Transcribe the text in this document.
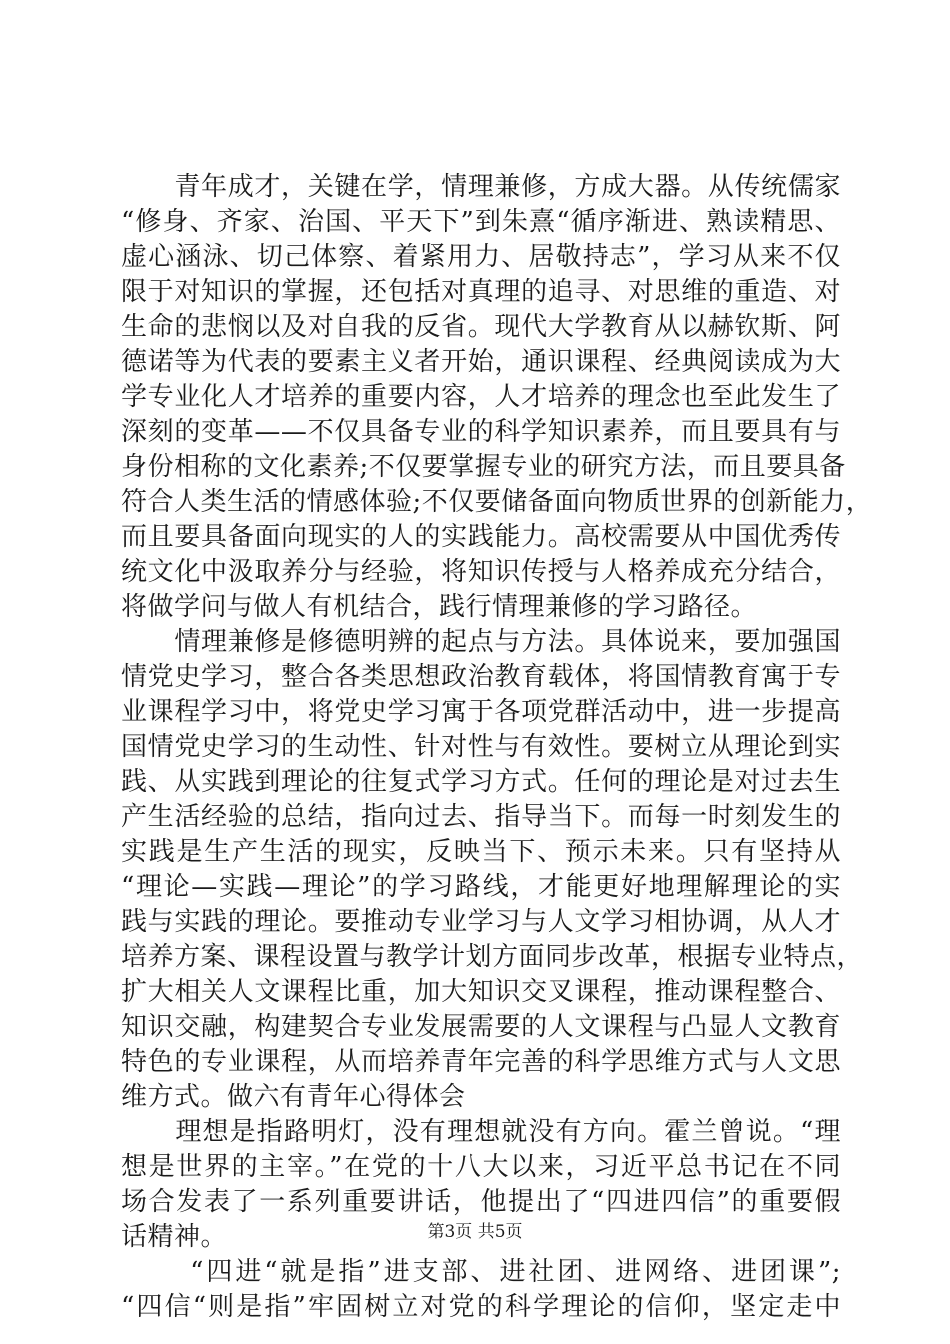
　　青年成才，关键在学，情理兼修，方成大器。从传统儒家
“修身、齐家、治国、平天下”到朱熹“循序渐进、熟读精思、
虚心涵泳、切己体察、着紧用力、居敬持志”，学习从来不仅
限于对知识的掌握，还包括对真理的追寻、对思维的重造、对
生命的悲悯以及对自我的反省。现代大学教育从以赫钦斯、阿
德诺等为代表的要素主义者开始，通识课程、经典阅读成为大
学专业化人才培养的重要内容，人才培养的理念也至此发生了
深刻的变革——不仅具备专业的科学知识素养，而且要具有与
身份相称的文化素养;不仅要掌握专业的研究方法，而且要具备
符合人类生活的情感体验;不仅要储备面向物质世界的创新能力，
而且要具备面向现实的人的实践能力。高校需要从中国优秀传
统文化中汲取养分与经验，将知识传授与人格养成充分结合，
将做学问与做人有机结合，践行情理兼修的学习路径。
　　情理兼修是修德明辨的起点与方法。具体说来，要加强国
情党史学习，整合各类思想政治教育载体，将国情教育寓于专
业课程学习中，将党史学习寓于各项党群活动中，进一步提高
国情党史学习的生动性、针对性与有效性。要树立从理论到实
践、从实践到理论的往复式学习方式。任何的理论是对过去生
产生活经验的总结，指向过去、指导当下。而每一时刻发生的
实践是生产生活的现实，反映当下、预示未来。只有坚持从
“理论—实践—理论”的学习路线，才能更好地理解理论的实
践与实践的理论。要推动专业学习与人文学习相协调，从人才
培养方案、课程设置与教学计划方面同步改革，根据专业特点，
扩大相关人文课程比重，加大知识交叉课程，推动课程整合、
知识交融，构建契合专业发展需要的人文课程与凸显人文教育
特色的专业课程，从而培养青年完善的科学思维方式与人文思
维方式。做六有青年心得体会
　　理想是指路明灯，没有理想就没有方向。霍兰曾说。“理
想是世界的主宰。”在党的十八大以来，习近平总书记在不同
场合发表了一系列重要讲话，他提出了“四进四信”的重要假
话精神。
　　 “四进“就是指”进支部、进社团、进网络、进团课”;
“四信“则是指”牢固树立对党的科学理论的信仰，坚定走中
第3页 共5页
